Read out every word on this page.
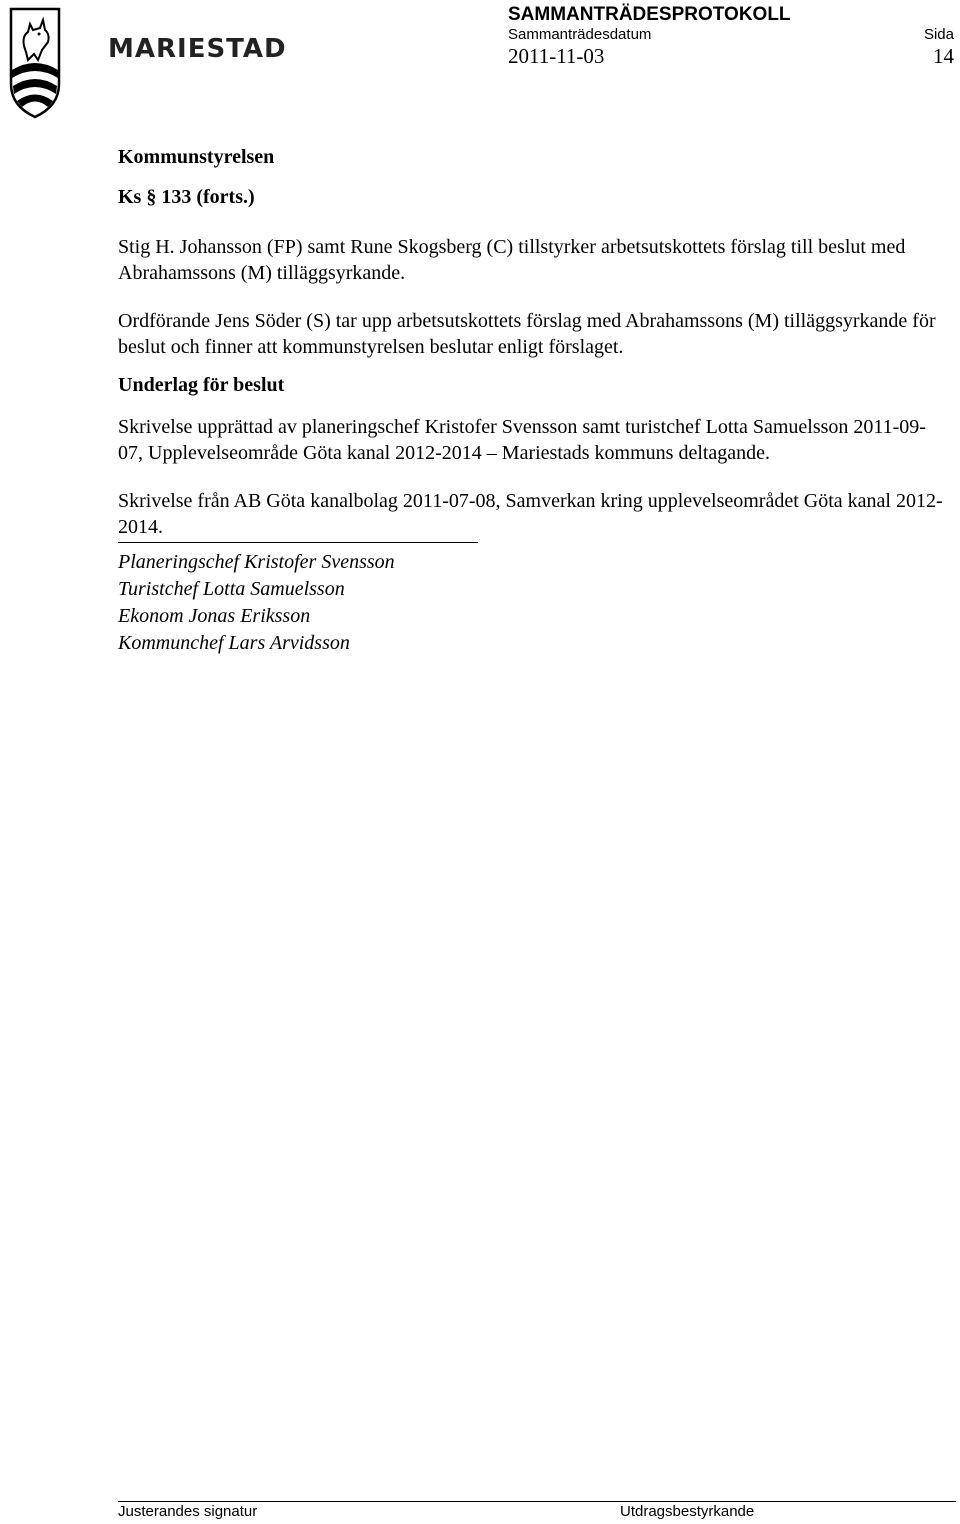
MARIESTAD
SAMMANTRÄDESPROTOKOLL
Sammanträdesdatum	Sida
2011-11-03	14
Kommunstyrelsen
Ks § 133 (forts.)

Stig H. Johansson (FP) samt Rune Skogsberg (C) tillstyrker arbetsutskottets förslag till beslut med Abrahamssons (M) tilläggsyrkande.

Ordförande Jens Söder (S) tar upp arbetsutskottets förslag med Abrahamssons (M) tilläggsyrkande för beslut och finner att kommunstyrelsen beslutar enligt förslaget.

Underlag för beslut

Skrivelse upprättad av planeringschef Kristofer Svensson samt turistchef Lotta Samuelsson 2011-09-07, Upplevelseområde Göta kanal 2012-2014 – Mariestads kommuns deltagande.

Skrivelse från AB Göta kanalbolag 2011-07-08, Samverkan kring upplevelseområdet Göta kanal 2012-2014.

Planeringschef Kristofer Svensson
Turistchef Lotta Samuelsson
Ekonom Jonas Eriksson
Kommunchef Lars Arvidsson
Justerandes signatur	Utdragsbestyrkande
